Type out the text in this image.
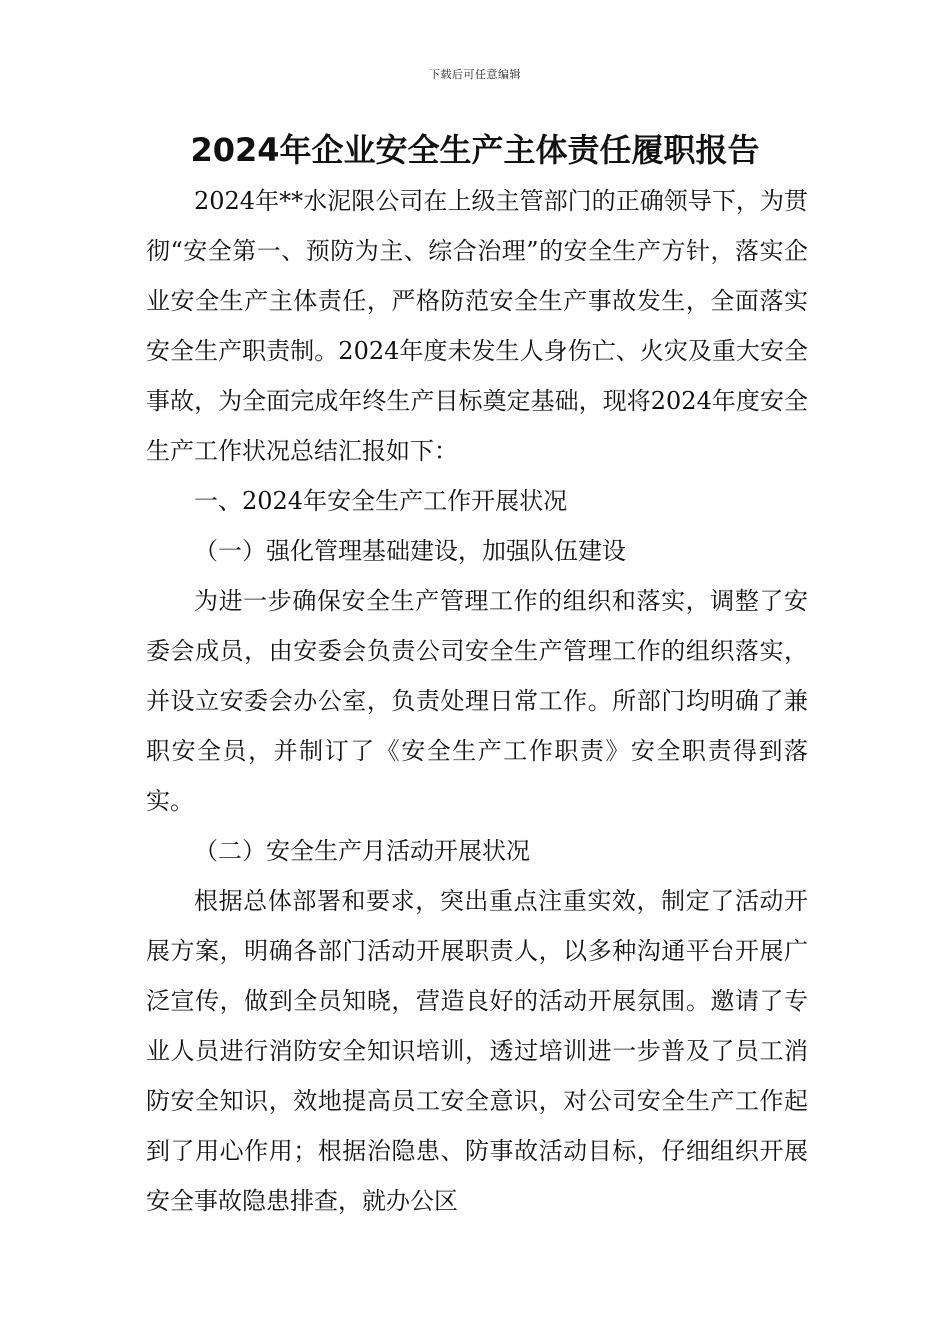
下载后可任意编辑
2024年企业安全生产主体责任履职报告

2024年**水泥限公司在上级主管部门的正确领导下，为贯彻“安全第一、预防为主、综合治理”的安全生产方针，落实企业安全生产主体责任，严格防范安全生产事故发生，全面落实安全生产职责制。2024年度未发生人身伤亡、火灾及重大安全事故，为全面完成年终生产目标奠定基础，现将2024年度安全生产工作状况总结汇报如下：

一、2024年安全生产工作开展状况

（一）强化管理基础建设，加强队伍建设

为进一步确保安全生产管理工作的组织和落实，调整了安委会成员，由安委会负责公司安全生产管理工作的组织落实，并设立安委会办公室，负责处理日常工作。所部门均明确了兼职安全员，并制订了《安全生产工作职责》安全职责得到落实。

（二）安全生产月活动开展状况

根据总体部署和要求，突出重点注重实效，制定了活动开展方案，明确各部门活动开展职责人，以多种沟通平台开展广泛宣传，做到全员知晓，营造良好的活动开展氛围。邀请了专业人员进行消防安全知识培训，透过培训进一步普及了员工消防安全知识，效地提高员工安全意识，对公司安全生产工作起到了用心作用；根据治隐患、防事故活动目标，仔细组织开展安全事故隐患排查，就办公区
